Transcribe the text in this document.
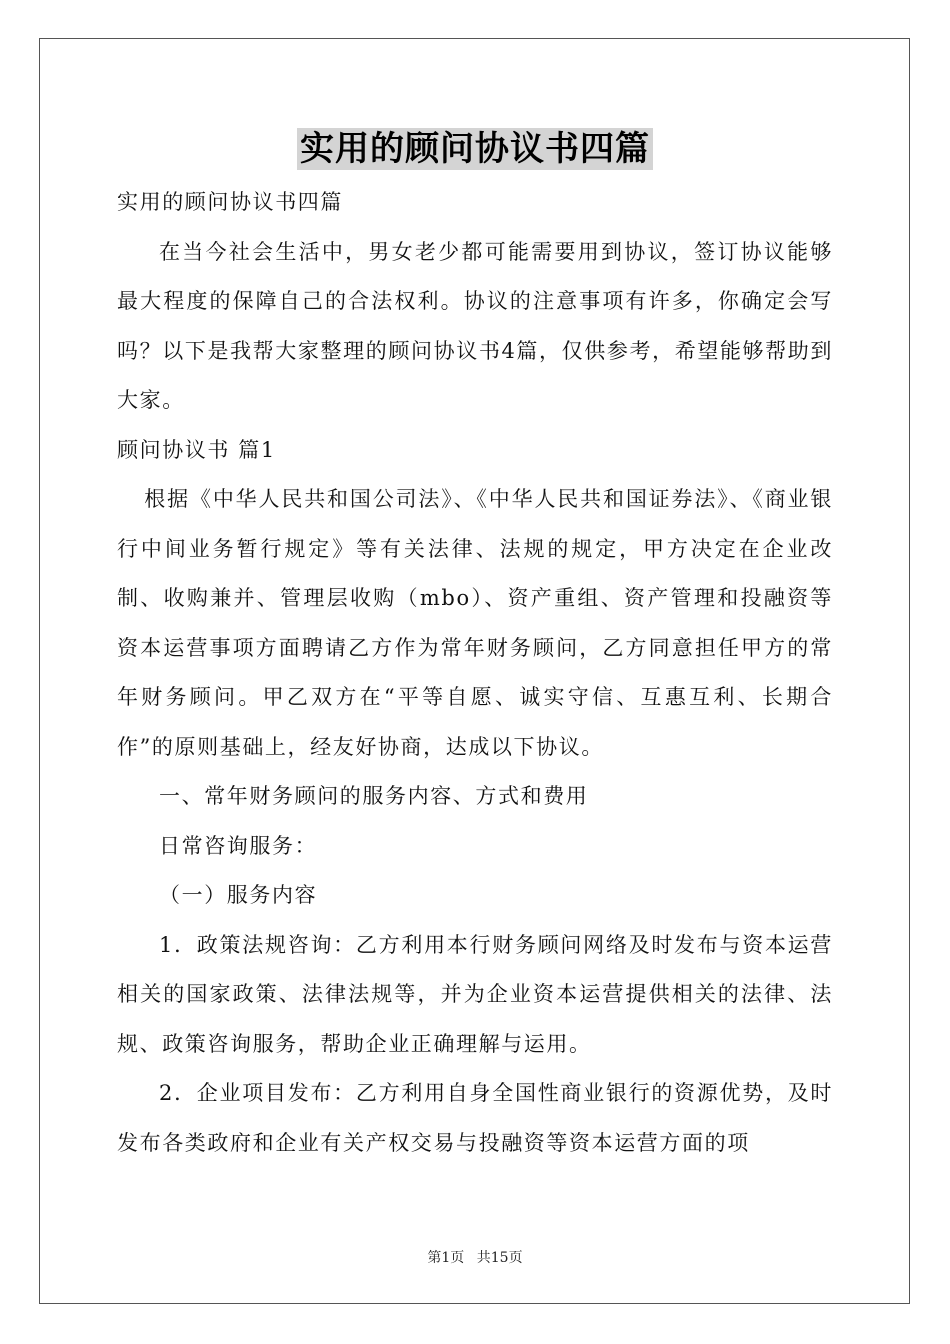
实用的顾问协议书四篇

实用的顾问协议书四篇

在当今社会生活中，男女老少都可能需要用到协议，签订协议能够最大程度的保障自己的合法权利。协议的注意事项有许多，你确定会写吗？以下是我帮大家整理的顾问协议书4篇，仅供参考，希望能够帮助到大家。

顾问协议书 篇1

根据《中华人民共和国公司法》、《中华人民共和国证券法》、《商业银行中间业务暂行规定》等有关法律、法规的规定，甲方决定在企业改制、收购兼并、管理层收购（mbo）、资产重组、资产管理和投融资等资本运营事项方面聘请乙方作为常年财务顾问，乙方同意担任甲方的常年财务顾问。甲乙双方在“平等自愿、诚实守信、互惠互利、长期合作”的原则基础上，经友好协商，达成以下协议。

一、常年财务顾问的服务内容、方式和费用

日常咨询服务：

（一）服务内容

1．政策法规咨询：乙方利用本行财务顾问网络及时发布与资本运营相关的国家政策、法律法规等，并为企业资本运营提供相关的法律、法规、政策咨询服务，帮助企业正确理解与运用。

2．企业项目发布：乙方利用自身全国性商业银行的资源优势，及时发布各类政府和企业有关产权交易与投融资等资本运营方面的项

第1页 共15页
